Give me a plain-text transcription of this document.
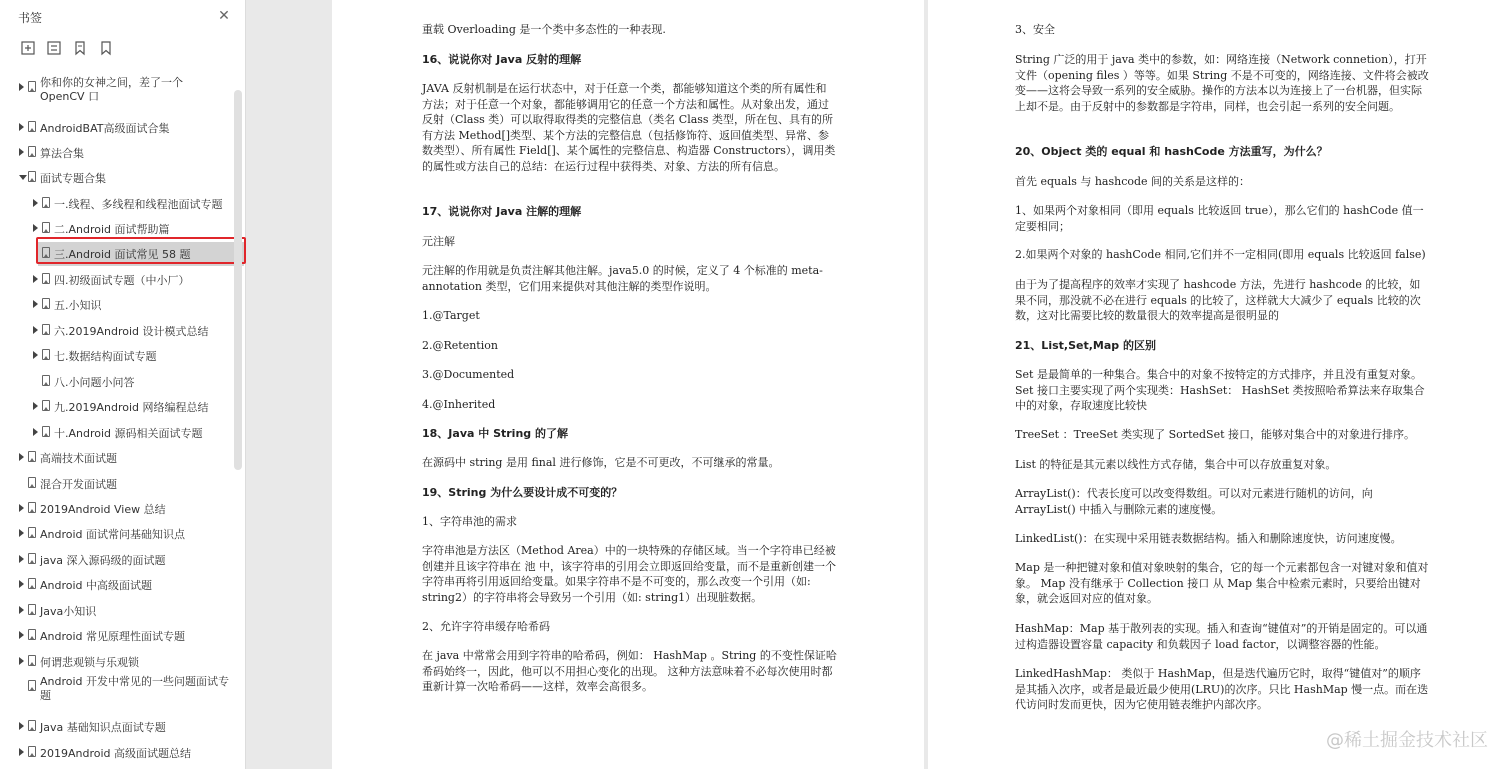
书签	✕
你和你的女神之间，差了一个 OpenCV 口
AndroidBAT高级面试合集
算法合集
面试专题合集
一.线程、多线程和线程池面试专题
二.Android 面试帮助篇
三.Android 面试常见 58 题
四.初级面试专题（中小厂）
五.小知识
六.2019Android 设计模式总结
七.数据结构面试专题
八.小问题小问答
九.2019Android 网络编程总结
十.Android 源码相关面试专题
高端技术面试题
混合开发面试题
2019Android View 总结
Android 面试常问基础知识点
java 深入源码级的面试题
Android 中高级面试题
Java小知识
Android 常见原理性面试专题
何谓悲观锁与乐观锁
Android 开发中常见的一些问题面试专题
Java 基础知识点面试专题
2019Android 高级面试题总结

重载 Overloading 是一个类中多态性的一种表现.

16、说说你对 Java 反射的理解

JAVA 反射机制是在运行状态中，对于任意一个类，都能够知道这个类的所有属性和方法；对于任意一个对象，都能够调用它的任意一个方法和属性。从对象出发，通过反射（Class 类）可以取得取得类的完整信息（类名 Class 类型，所在包、具有的所有方法 Method[]类型、某个方法的完整信息（包括修饰符、返回值类型、异常、参数类型）、所有属性 Field[]、某个属性的完整信息、构造器 Constructors），调用类的属性或方法自己的总结：在运行过程中获得类、对象、方法的所有信息。

17、说说你对 Java 注解的理解

元注解

元注解的作用就是负责注解其他注解。java5.0 的时候，定义了 4 个标准的 meta-annotation 类型，它们用来提供对其他注解的类型作说明。

1.@Target

2.@Retention

3.@Documented

4.@Inherited

18、Java 中 String 的了解

在源码中 string 是用 final 进行修饰，它是不可更改，不可继承的常量。

19、String 为什么要设计成不可变的？

1、字符串池的需求

字符串池是方法区（Method Area）中的一块特殊的存储区域。当一个字符串已经被创建并且该字符串在 池 中，该字符串的引用会立即返回给变量，而不是重新创建一个字符串再将引用返回给变量。如果字符串不是不可变的，那么改变一个引用（如: string2）的字符串将会导致另一个引用（如: string1）出现脏数据。

2、允许字符串缓存哈希码

在 java 中常常会用到字符串的哈希码，例如： HashMap 。String 的不变性保证哈希码始终一，因此，他可以不用担心变化的出现。 这种方法意味着不必每次使用时都重新计算一次哈希码——这样，效率会高很多。

3、安全

String 广泛的用于 java 类中的参数，如：网络连接（Network connetion），打开文件（opening files ）等等。如果 String 不是不可变的，网络连接、文件将会被改变——这将会导致一系列的安全威胁。操作的方法本以为连接上了一台机器，但实际上却不是。由于反射中的参数都是字符串，同样，也会引起一系列的安全问题。

20、Object 类的 equal 和 hashCode 方法重写，为什么？

首先 equals 与 hashcode 间的关系是这样的：

1、如果两个对象相同（即用 equals 比较返回 true），那么它们的 hashCode 值一定要相同；

2.如果两个对象的 hashCode 相同,它们并不一定相同(即用 equals 比较返回 false)

由于为了提高程序的效率才实现了 hashcode 方法，先进行 hashcode 的比较，如果不同，那没就不必在进行 equals 的比较了，这样就大大减少了 equals 比较的次数，这对比需要比较的数量很大的效率提高是很明显的

21、List,Set,Map 的区别

Set 是最简单的一种集合。集合中的对象不按特定的方式排序，并且没有重复对象。 Set 接口主要实现了两个实现类：HashSet： HashSet 类按照哈希算法来存取集合中的对象，存取速度比较快

TreeSet ：TreeSet 类实现了 SortedSet 接口，能够对集合中的对象进行排序。

List 的特征是其元素以线性方式存储，集合中可以存放重复对象。

ArrayList()：代表长度可以改变得数组。可以对元素进行随机的访问，向 ArrayList() 中插入与删除元素的速度慢。

LinkedList()：在实现中采用链表数据结构。插入和删除速度快，访问速度慢。

Map 是一种把键对象和值对象映射的集合，它的每一个元素都包含一对键对象和值对象。 Map 没有继承于 Collection 接口 从 Map 集合中检索元素时，只要给出键对象，就会返回对应的值对象。

HashMap：Map 基于散列表的实现。插入和查询“键值对”的开销是固定的。可以通过构造器设置容量 capacity 和负载因子 load factor，以调整容器的性能。

LinkedHashMap： 类似于 HashMap，但是迭代遍历它时，取得“键值对”的顺序是其插入次序，或者是最近最少使用(LRU)的次序。只比 HashMap 慢一点。而在迭代访问时发而更快，因为它使用链表维护内部次序。

@稀土掘金技术社区
